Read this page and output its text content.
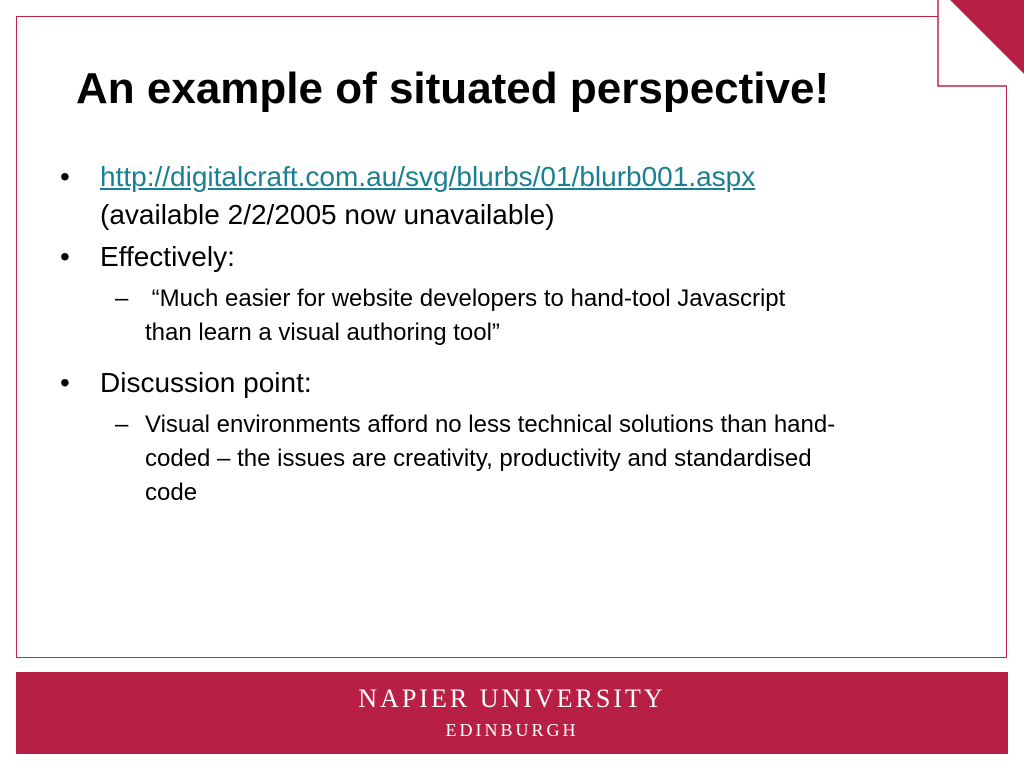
An example of situated perspective!
• http://digitalcraft.com.au/svg/blurbs/01/blurb001.aspx
(available 2/2/2005 now unavailable)
• Effectively:
– “Much easier for website developers to hand-tool Javascript
than learn a visual authoring tool”
• Discussion point:
– Visual environments afford no less technical solutions than hand-
coded – the issues are creativity, productivity and standardised
code
NAPIER UNIVERSITY
EDINBURGH
